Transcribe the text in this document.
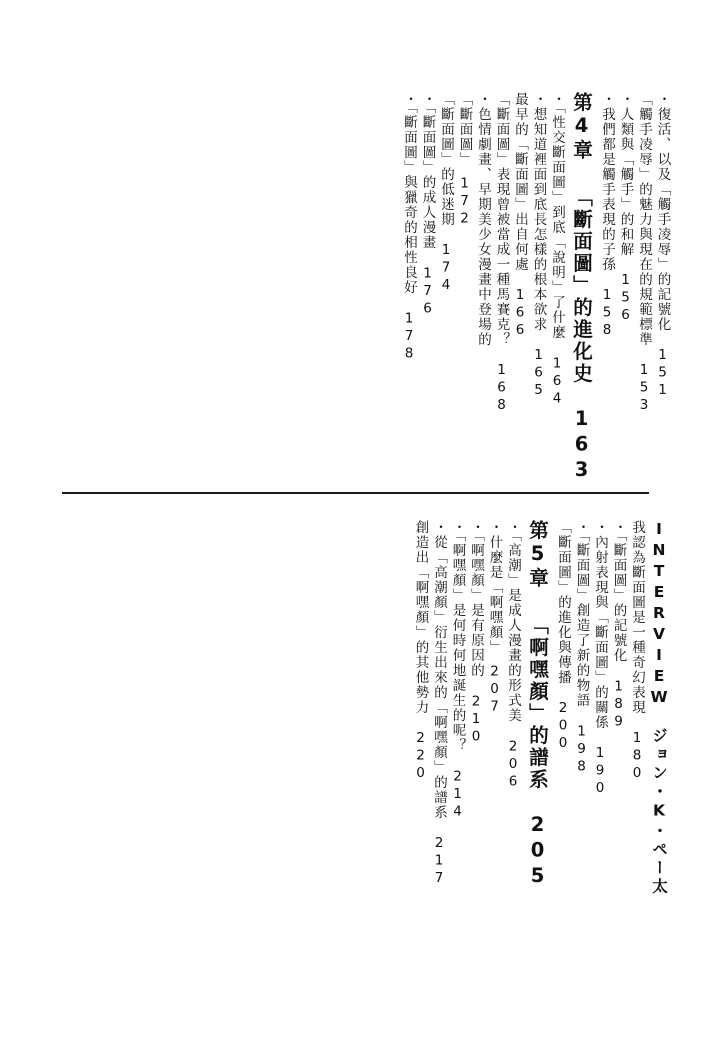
・「斷面圖」與獵奇的相性良好　178 ・「斷面圖」的成人漫畫　176 「斷面圖」的低迷期　174 「斷面圖」　172 ・色情劇畫、早期美少女漫畫中登場的 「斷面圖」表現曾被當成一種馬賽克？　168 最早的「斷面圖」出自何處　166 ・想知道裡面到底長怎樣的根本欲求　165 ・「性交斷面圖」到底「說明」了什麼　164 第4章 「斷面圖」的進化史　163 ・我們都是觸手表現的子孫　158 ・人類與「觸手」的和解　156 「觸手凌辱」的魅力與現在的規範標準　153 ・復活、以及「觸手凌辱」的記號化　151
創造出「啊嘿顏」的其他勢力　220 ・從「高潮顏」衍生出來的「啊嘿顏」的譜系　217 ・「啊嘿顏」是何時何地誕生的呢？　214 ・「啊嘿顏」是有原因的　210 ・什麼是「啊嘿顏」　207 ・「高潮」是成人漫畫的形式美　206 第5章 「啊嘿顏」的譜系　205 「斷面圖」的進化與傳播　200 ・「斷面圖」創造了新的物語　198 ・內射表現與「斷面圖」的關係　190 ・「斷面圖」的記號化　189 我認為斷面圖是一種奇幻表現　180 INTERVIEW　ジョン・K・ペー太
